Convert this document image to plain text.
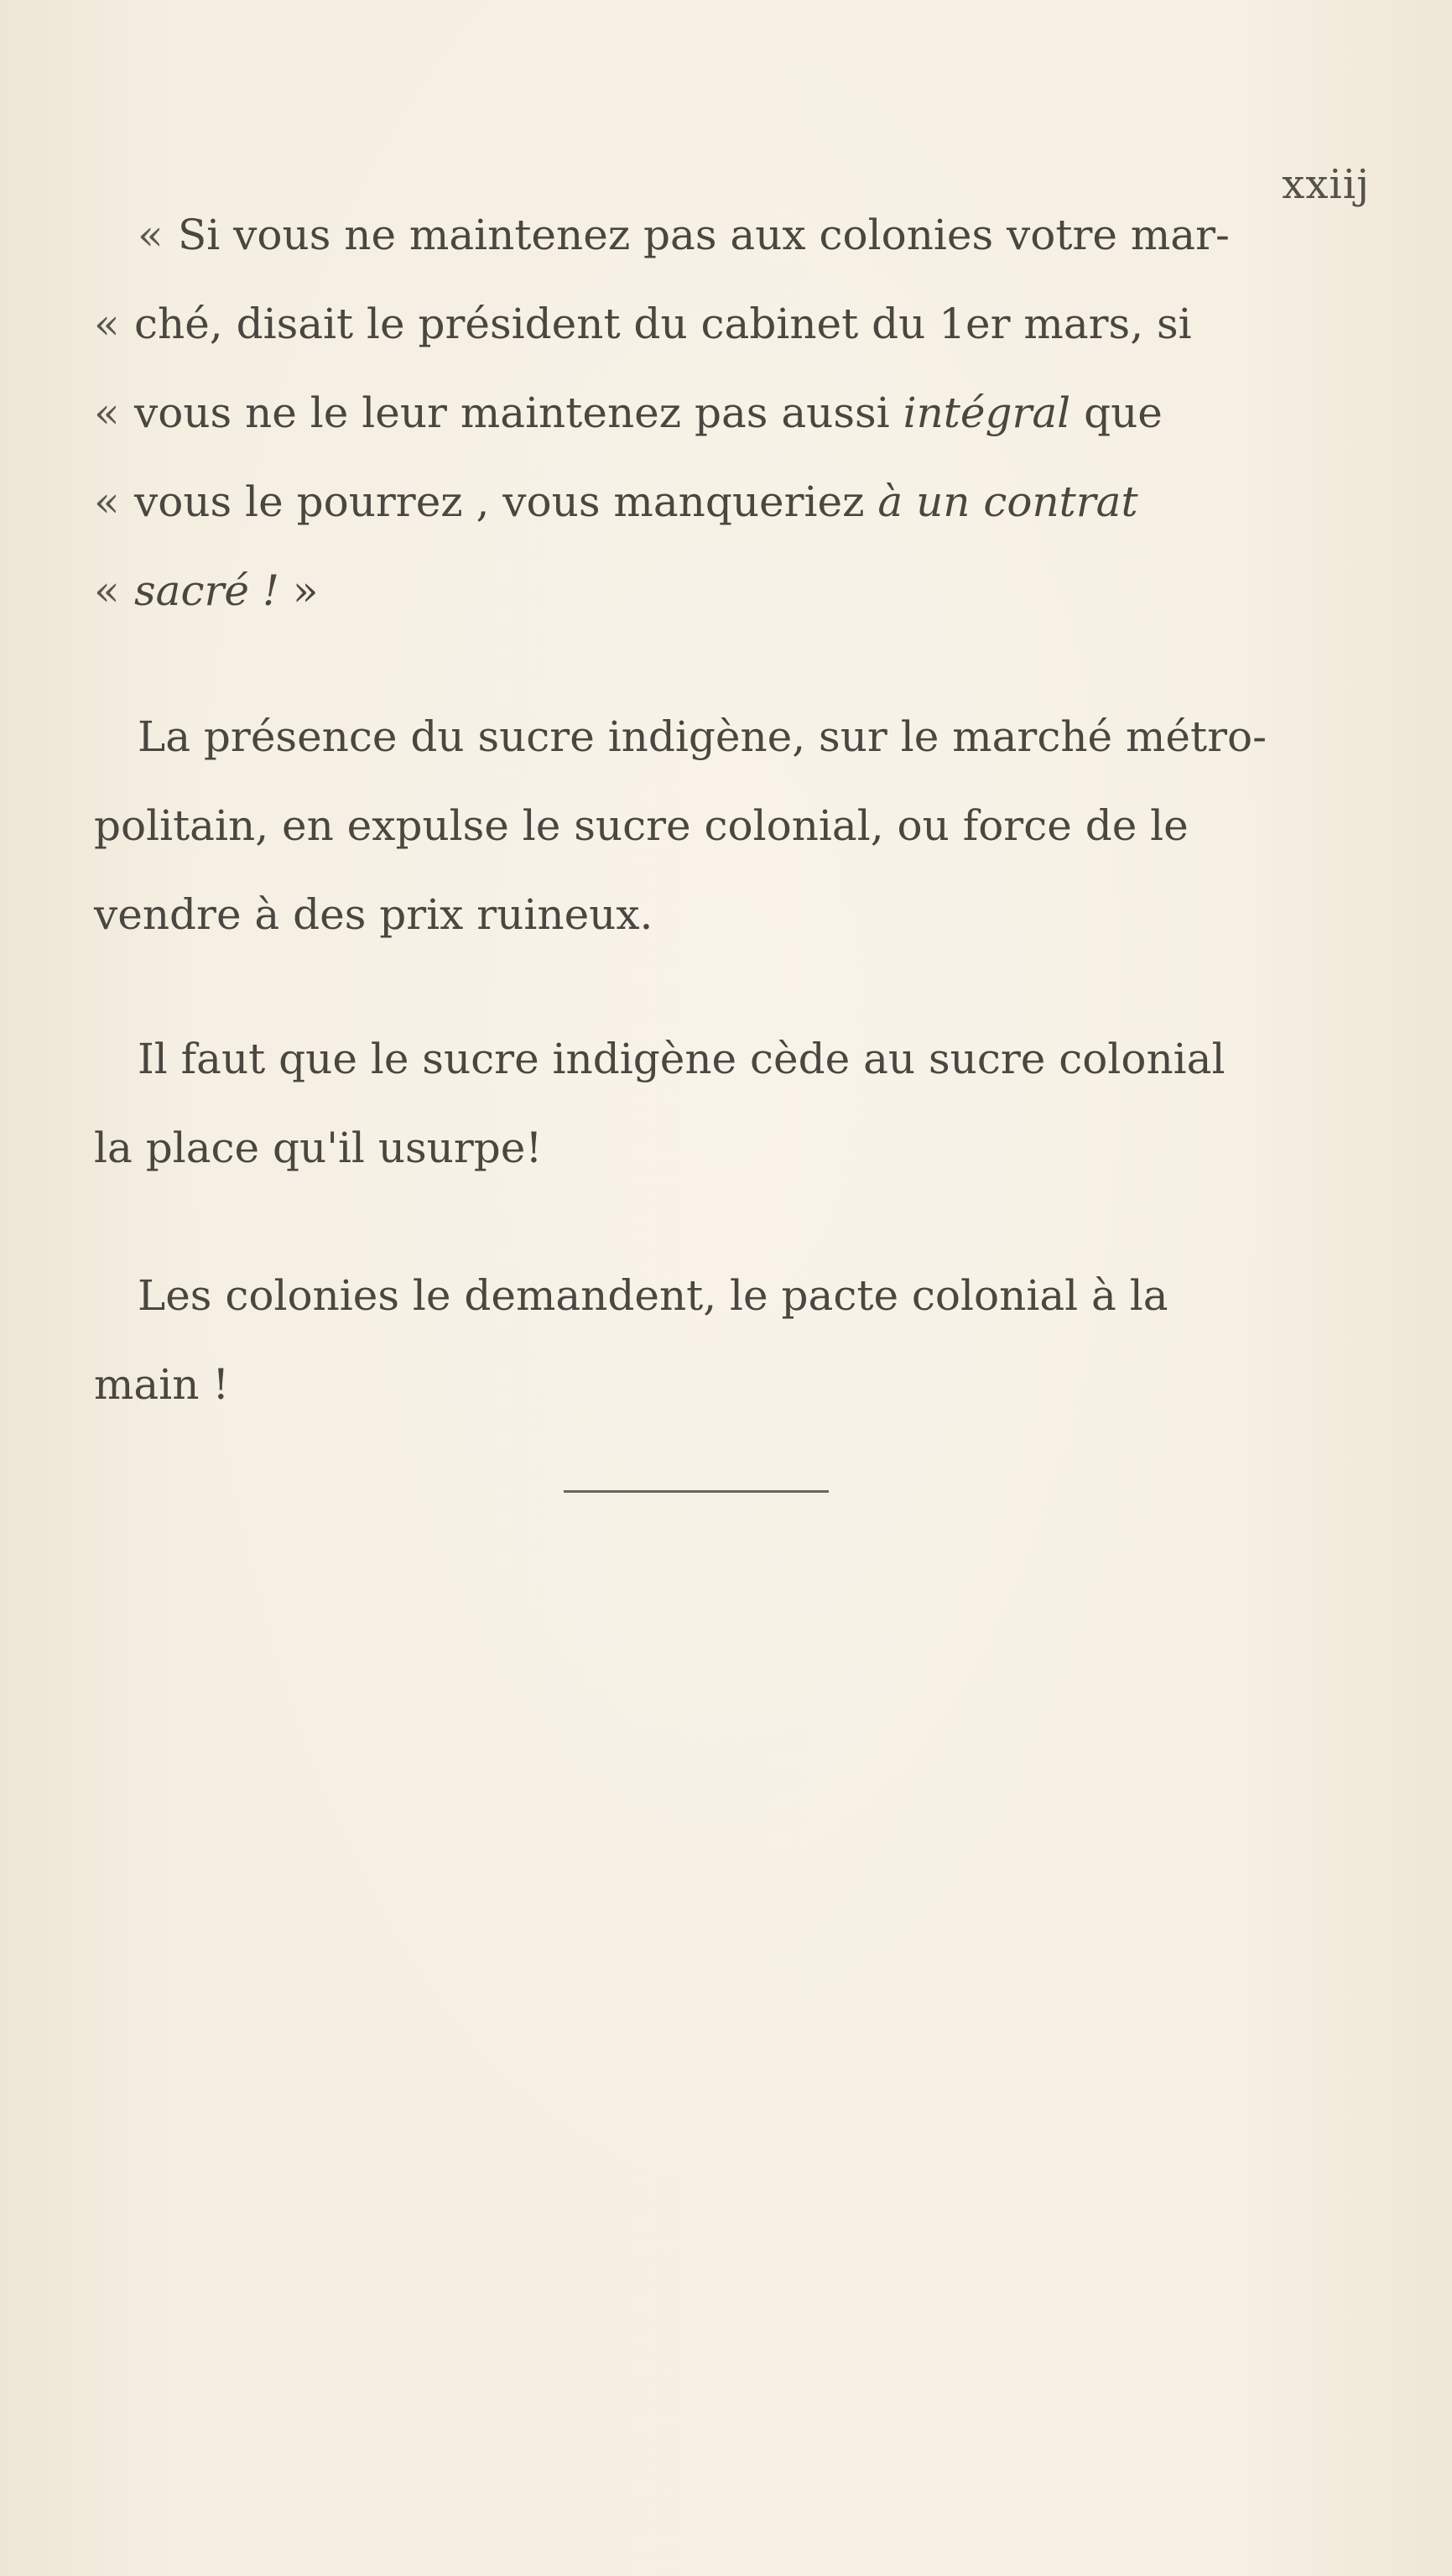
xxiij
« Si vous ne maintenez pas aux colonies votre mar-
« ché, disait le président du cabinet du 1er mars, si
« vous ne le leur maintenez pas aussi intégral que
« vous le pourrez , vous manqueriez à un contrat
« sacré ! »
La présence du sucre indigène, sur le marché métro-
politain, en expulse le sucre colonial, ou force de le
vendre à des prix ruineux.
Il faut que le sucre indigène cède au sucre colonial
la place qu'il usurpe!
Les colonies le demandent, le pacte colonial à la
main !
